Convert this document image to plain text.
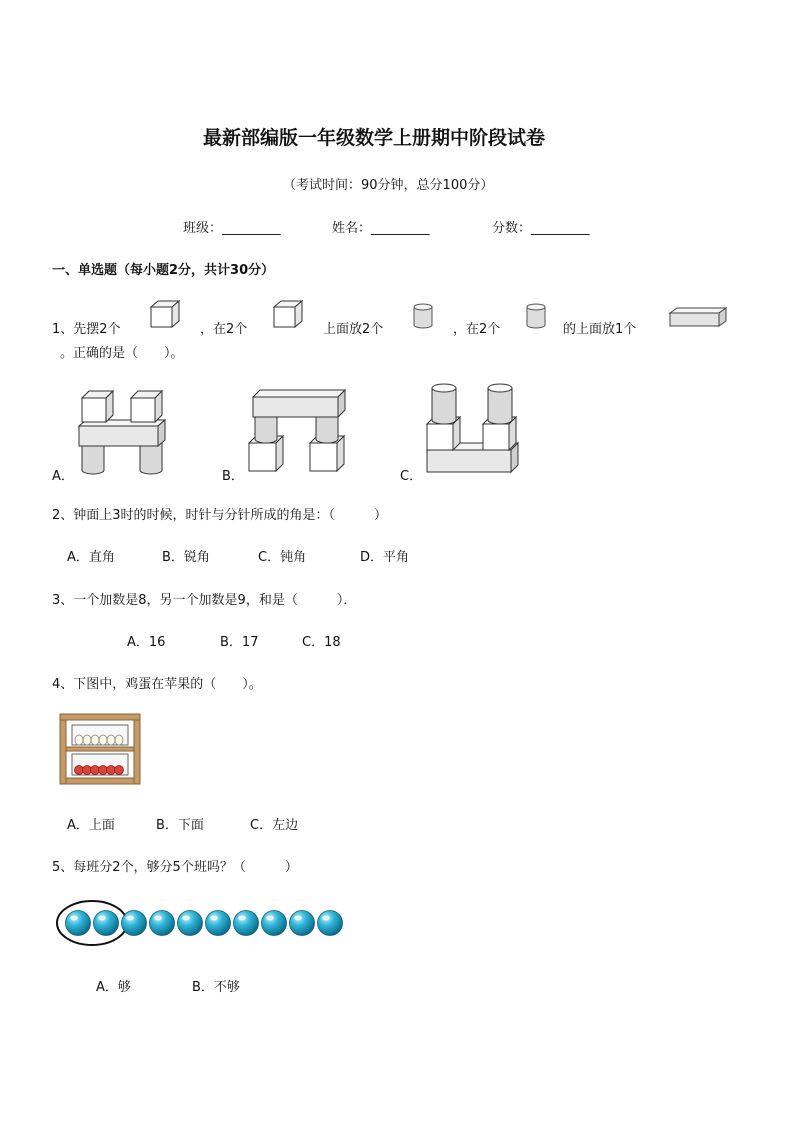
最新部编版一年级数学上册期中阶段试卷
（考试时间：90分钟，总分100分）
班级：_________	姓名：_________	分数：_________
一、单选题（每小题2分，共计30分）
1、先摆2个	，在2个	上面放2个	，在2个	的上面放1个
。正确的是（　　）。
A．	B．	C．
2、钟面上3时的时候，时针与分针所成的角是：（　　　）
A．直角	B．锐角	C．钝角	D．平角
3、一个加数是8，另一个加数是9，和是（　　　）．
A．16	B．17	C．18
4、下图中，鸡蛋在苹果的（　　）。
A．上面	B．下面	C．左边
5、每班分2个，够分5个班吗？（　　　）
A．够	B．不够
